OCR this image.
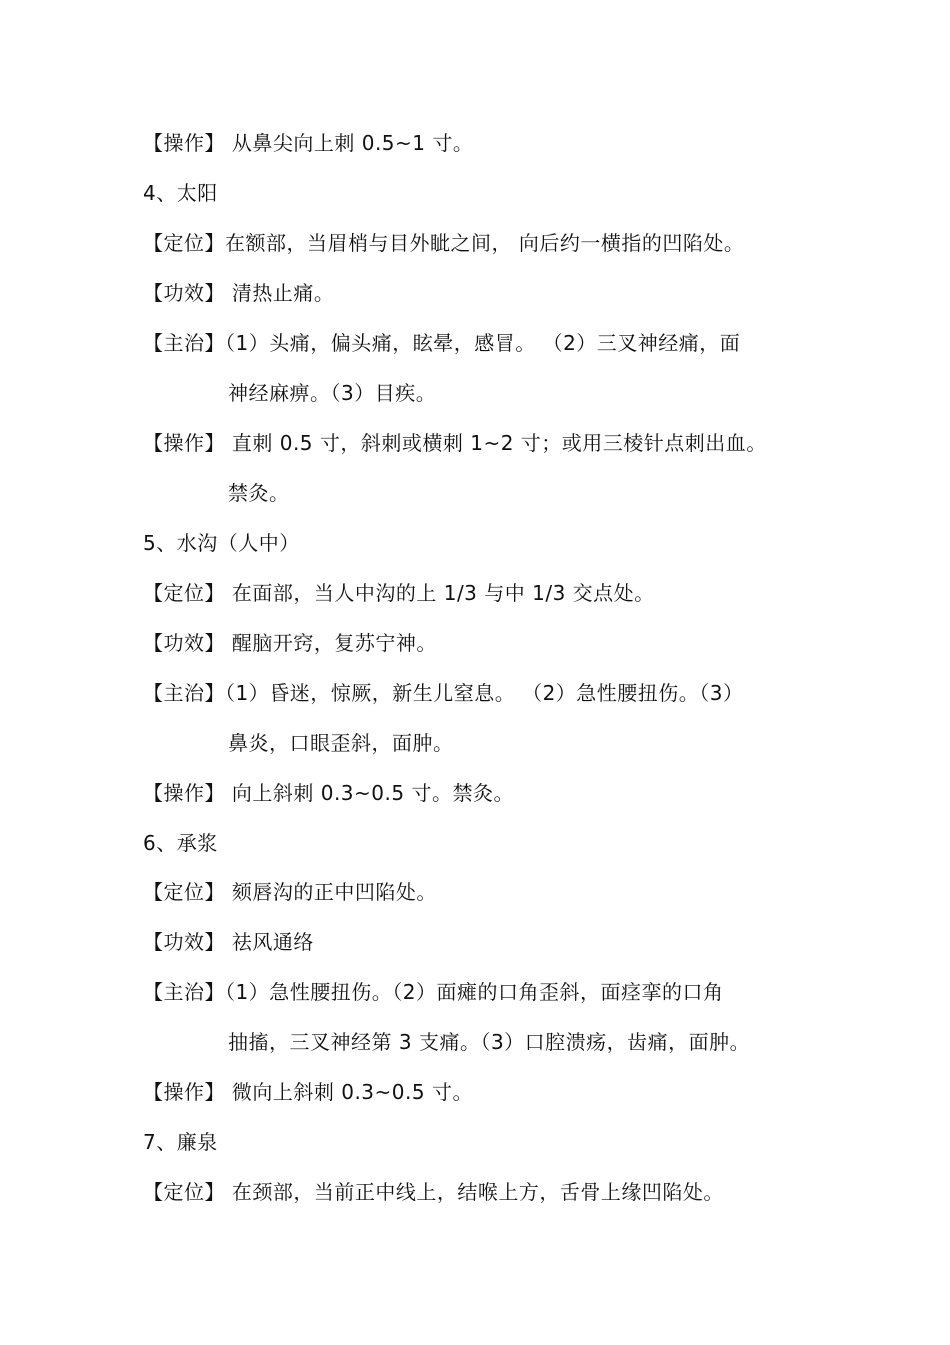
【操作】 从鼻尖向上刺 0.5~1 寸。
4、太阳
【定位】在额部，当眉梢与目外眦之间， 向后约一横指的凹陷处。
【功效】 清热止痛。
【主治】（1）头痛，偏头痛，眩晕，感冒。 （2）三叉神经痛，面
神经麻痹。（3）目疾。
【操作】 直刺 0.5 寸，斜刺或横刺 1~2 寸；或用三棱针点刺出血。
禁灸。
5、水沟（人中）
【定位】 在面部，当人中沟的上 1/3 与中 1/3 交点处。
【功效】 醒脑开窍，复苏宁神。
【主治】（1）昏迷，惊厥，新生儿窒息。 （2）急性腰扭伤。（3）
鼻炎，口眼歪斜，面肿。
【操作】 向上斜刺 0.3~0.5 寸。禁灸。
6、承浆
【定位】 颏唇沟的正中凹陷处。
【功效】 祛风通络
【主治】（1）急性腰扭伤。（2）面瘫的口角歪斜，面痉挛的口角
抽搐，三叉神经第 3 支痛。（3）口腔溃疡，齿痛，面肿。
【操作】 微向上斜刺 0.3~0.5 寸。
7、廉泉
【定位】 在颈部，当前正中线上，结喉上方，舌骨上缘凹陷处。
